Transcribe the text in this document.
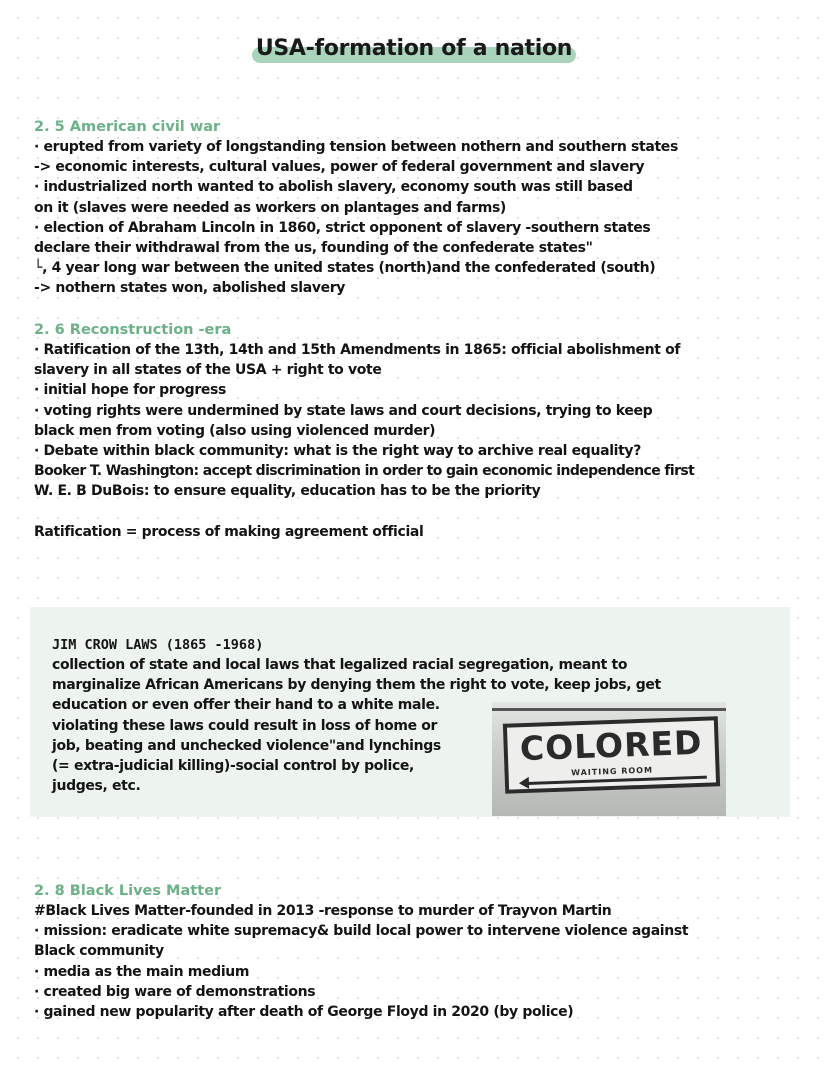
USA-formation of a nation
2. 5 American civil war
· erupted from variety of longstanding tension between nothern and southern states
-> economic interests, cultural values, power of federal government and slavery
· industrialized north wanted to abolish slavery, economy south was still based
on it (slaves were needed as workers on plantages and farms)
· election of Abraham Lincoln in 1860, strict opponent of slavery -southern states
declare their withdrawal from the us, founding of the confederate states"
└, 4 year long war between the united states (north)and the confederated (south)
-> nothern states won, abolished slavery
2. 6 Reconstruction -era
· Ratification of the 13th, 14th and 15th Amendments in 1865: official abolishment of
slavery in all states of the USA + right to vote
· initial hope for progress
· voting rights were undermined by state laws and court decisions, trying to keep
black men from voting (also using violenced murder)
· Debate within black community: what is the right way to archive real equality?
Booker T. Washington: accept discrimination in order to gain economic independence first
W. E. B DuBois: to ensure equality, education has to be the priority

Ratification = process of making agreement official
JIM CROW LAWS (1865 -1968)
collection of state and local laws that legalized racial segregation, meant to
marginalize African Americans by denying them the right to vote, keep jobs, get
education or even offer their hand to a white male.
violating these laws could result in loss of home or
job, beating and unchecked violence"and lynchings
(= extra-judicial killing)-social control by police,
judges, etc.
COLORED
WAITING ROOM
2. 8 Black Lives Matter
#Black Lives Matter-founded in 2013 -response to murder of Trayvon Martin
· mission: eradicate white supremacy& build local power to intervene violence against
Black community
· media as the main medium
· created big ware of demonstrations
· gained new popularity after death of George Floyd in 2020 (by police)
